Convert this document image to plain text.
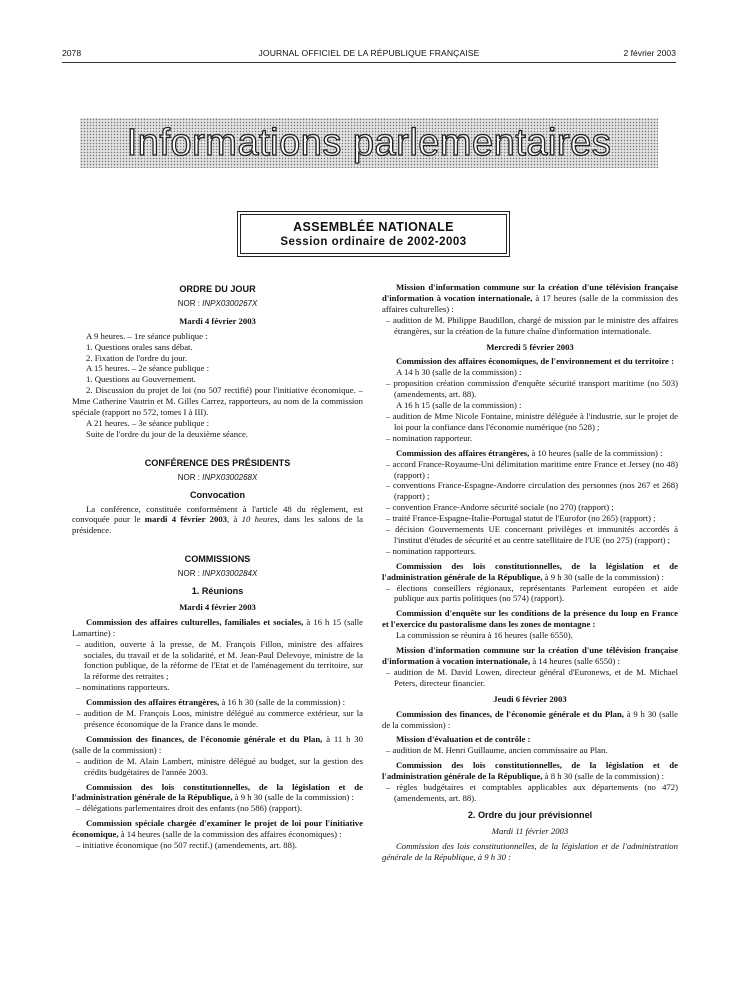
2078	JOURNAL OFFICIEL DE LA RÉPUBLIQUE FRANÇAISE	2 février 2003
Informations parlementaires
ASSEMBLÉE NATIONALE
Session ordinaire de 2002-2003
ORDRE DU JOUR
NOR : INPX0300267X
Mardi 4 février 2003

A 9 heures. – 1re séance publique :

1. Questions orales sans débat.

2. Fixation de l'ordre du jour.

A 15 heures. – 2e séance publique :

1. Questions au Gouvernement.

2. Discussion du projet de loi (no 507 rectifié) pour l'initiative économique. – Mme Catherine Vautrin et M. Gilles Carrez, rapporteurs, au nom de la commission spéciale (rapport no 572, tomes I à III).

A 21 heures. – 3e séance publique :

Suite de l'ordre du jour de la deuxième séance.

CONFÉRENCE DES PRÉSIDENTS
NOR : INPX0300268X
Convocation

La conférence, constituée conformément à l'article 48 du règlement, est convoquée pour le mardi 4 février 2003, à 10 heures, dans les salons de la présidence.

COMMISSIONS
NOR : INPX0300284X
1. Réunions
Mardi 4 février 2003

Commission des affaires culturelles, familiales et sociales, à 16 h 15 (salle Lamartine) :

– audition, ouverte à la presse, de M. François Fillon, ministre des affaires sociales, du travail et de la solidarité, et M. Jean-Paul Delevoye, ministre de la fonction publique, de la réforme de l'Etat et de l'aménagement du territoire, sur la réforme des retraites ;

– nominations rapporteurs.

Commission des affaires étrangères, à 16 h 30 (salle de la commission) :

– audition de M. François Loos, ministre délégué au commerce extérieur, sur la présence économique de la France dans le monde.

Commission des finances, de l'économie générale et du Plan, à 11 h 30 (salle de la commission) :

– audition de M. Alain Lambert, ministre délégué au budget, sur la gestion des crédits budgétaires de l'année 2003.

Commission des lois constitutionnelles, de la législation et de l'administration générale de la République, à 9 h 30 (salle de la commission) :

– délégations parlementaires droit des enfants (no 586) (rapport).

Commission spéciale chargée d'examiner le projet de loi pour l'initiative économique, à 14 heures (salle de la commission des affaires économiques) :

– initiative économique (no 507 rectif.) (amendements, art. 88).

Mission d'information commune sur la création d'une télévision française d'information à vocation internationale, à 17 heures (salle de la commission des affaires culturelles) :

– audition de M. Philippe Baudillon, chargé de mission par le ministre des affaires étrangères, sur la création de la future chaîne d'information internationale.

Mercredi 5 février 2003

Commission des affaires économiques, de l'environnement et du territoire :

A 14 h 30 (salle de la commission) :

– proposition création commission d'enquête sécurité transport maritime (no 503) (amendements, art. 88).

A 16 h 15 (salle de la commission) :

– audition de Mme Nicole Fontaine, ministre déléguée à l'industrie, sur le projet de loi pour la confiance dans l'économie numérique (no 528) ;

– nomination rapporteur.

Commission des affaires étrangères, à 10 heures (salle de la commission) :

– accord France-Royaume-Uni délimitation maritime entre France et Jersey (no 48) (rapport) ;

– conventions France-Espagne-Andorre circulation des personnes (nos 267 et 268) (rapport) ;

– convention France-Andorre sécurité sociale (no 270) (rapport) ;

– traité France-Espagne-Italie-Portugal statut de l'Eurofor (no 265) (rapport) ;

– décision Gouvernements UE concernant privilèges et immunités accordés à l'institut d'études de sécurité et au centre satellitaire de l'UE (no 275) (rapport) ;

– nomination rapporteurs.

Commission des lois constitutionnelles, de la législation et de l'administration générale de la République, à 9 h 30 (salle de la commission) :

– élections conseillers régionaux, représentants Parlement européen et aide publique aux partis politiques (no 574) (rapport).

Commission d'enquête sur les conditions de la présence du loup en France et l'exercice du pastoralisme dans les zones de montagne :

La commission se réunira à 16 heures (salle 6550).

Mission d'information commune sur la création d'une télévision française d'information à vocation internationale, à 14 heures (salle 6550) :

– audition de M. David Lowen, directeur général d'Euronews, et de M. Michael Peters, directeur financier.

Jeudi 6 février 2003

Commission des finances, de l'économie générale et du Plan, à 9 h 30 (salle de la commission) :

Mission d'évaluation et de contrôle :

– audition de M. Henri Guillaume, ancien commissaire au Plan.

Commission des lois constitutionnelles, de la législation et de l'administration générale de la République, à 8 h 30 (salle de la commission) :

– règles budgétaires et comptables applicables aux départements (no 472) (amendements, art. 88).

2. Ordre du jour prévisionnel
Mardi 11 février 2003

Commission des lois constitutionnelles, de la législation et de l'administration générale de la République, à 9 h 30 :
